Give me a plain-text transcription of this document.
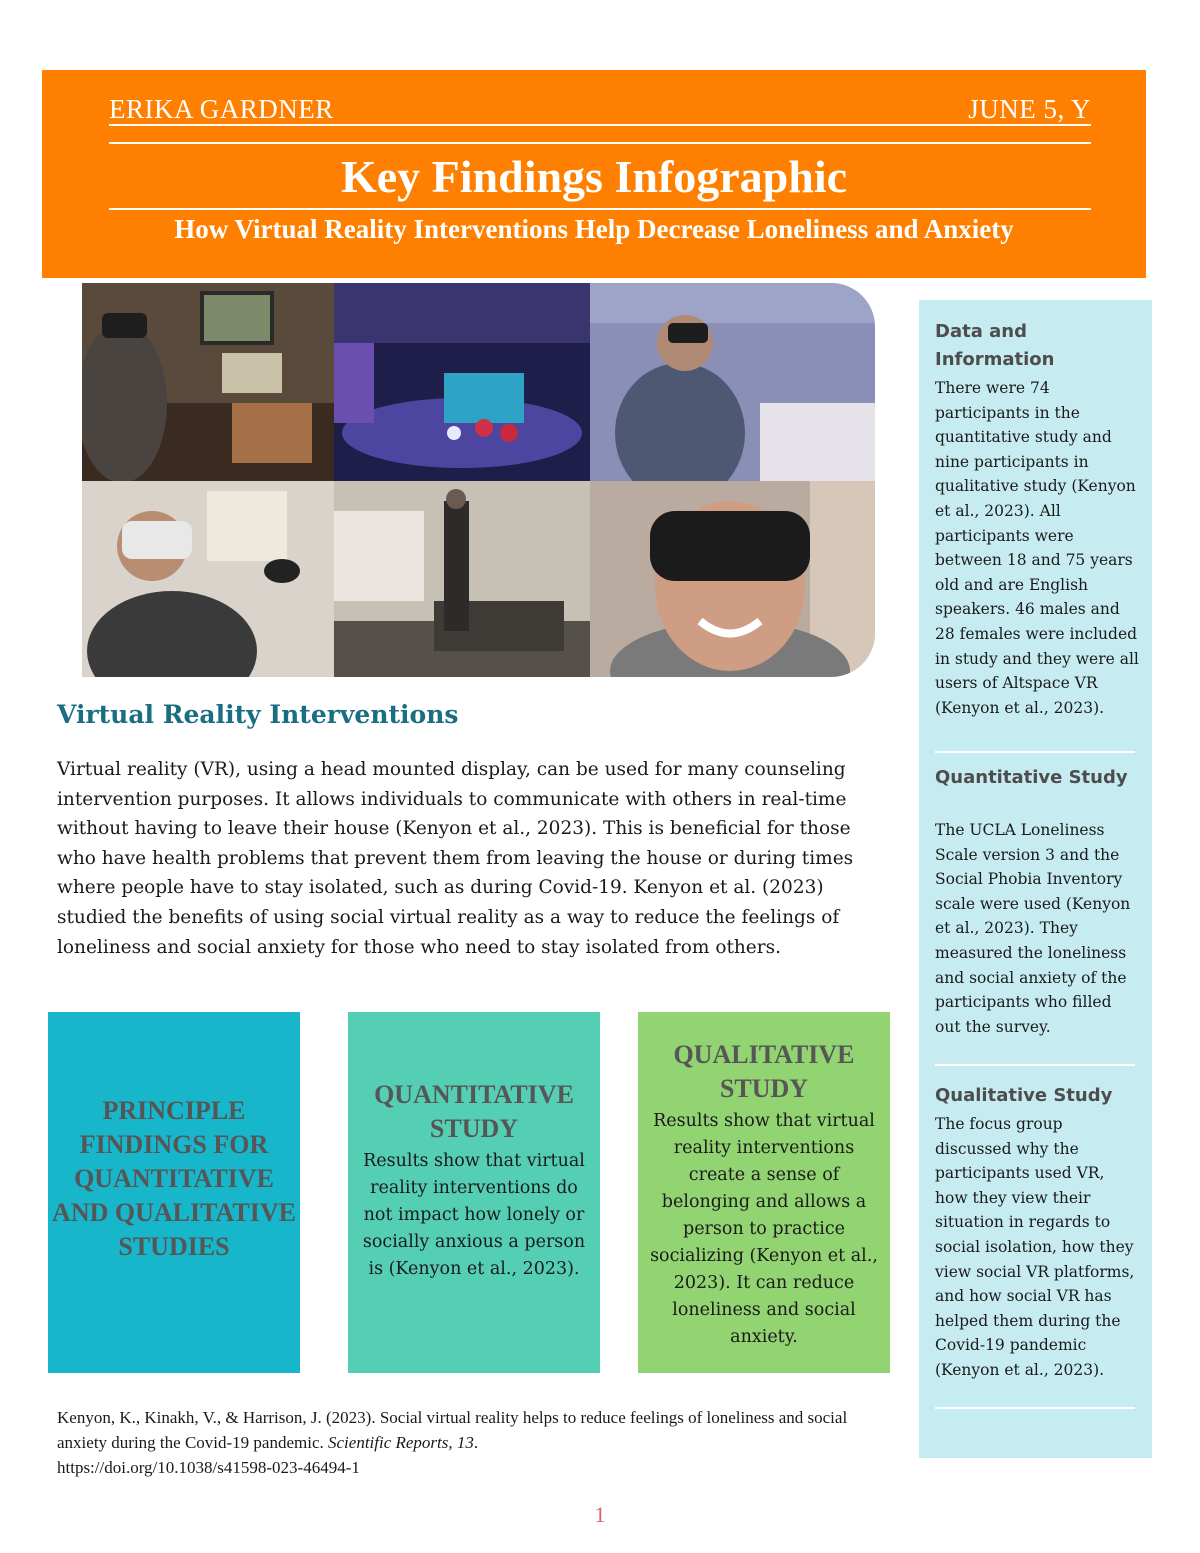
ERIKA GARDNER	JUNE 5, Y
Key Findings Infographic
How Virtual Reality Interventions Help Decrease Loneliness and Anxiety
Data and Information
There were 74 participants in the quantitative study and nine participants in qualitative study (Kenyon et al., 2023). All participants were between 18 and 75 years old and are English speakers. 46 males and 28 females were included in study and they were all users of Altspace VR (Kenyon et al., 2023).
Quantitative Study
The UCLA Loneliness Scale version 3 and the Social Phobia Inventory scale were used (Kenyon et al., 2023). They measured the loneliness and social anxiety of the participants who filled out the survey.
Qualitative Study
The focus group discussed why the participants used VR, how they view their situation in regards to social isolation, how they view social VR platforms, and how social VR has helped them during the Covid-19 pandemic (Kenyon et al., 2023).
Virtual Reality Interventions
Virtual reality (VR), using a head mounted display, can be used for many counseling intervention purposes. It allows individuals to communicate with others in real-time without having to leave their house (Kenyon et al., 2023). This is beneficial for those who have health problems that prevent them from leaving the house or during times where people have to stay isolated, such as during Covid-19. Kenyon et al. (2023) studied the benefits of using social virtual reality as a way to reduce the feelings of loneliness and social anxiety for those who need to stay isolated from others.
PRINCIPLE FINDINGS FOR QUANTITATIVE AND QUALITATIVE STUDIES
QUANTITATIVE STUDY
Results show that virtual reality interventions do not impact how lonely or socially anxious a person is (Kenyon et al., 2023).
QUALITATIVE STUDY
Results show that virtual reality interventions create a sense of belonging and allows a person to practice socializing (Kenyon et al., 2023). It can reduce loneliness and social anxiety.
Kenyon, K., Kinakh, V., & Harrison, J. (2023). Social virtual reality helps to reduce feelings of loneliness and social anxiety during the Covid-19 pandemic. Scientific Reports, 13.
https://doi.org/10.1038/s41598-023-46494-1
1
